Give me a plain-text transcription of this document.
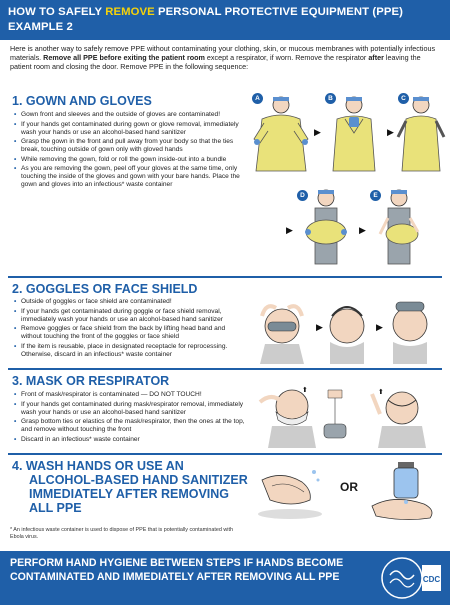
HOW TO SAFELY REMOVE PERSONAL PROTECTIVE EQUIPMENT (PPE)
EXAMPLE 2
Here is another way to safely remove PPE without contaminating your clothing, skin, or mucous membranes with potentially infectious materials. Remove all PPE before exiting the patient room except a respirator, if worn. Remove the respirator after leaving the patient room and closing the door. Remove PPE in the following sequence:
1. GOWN AND GLOVES
• Gown front and sleeves and the outside of gloves are contaminated!
• If your hands get contaminated during gown or glove removal, immediately wash your hands or use an alcohol-based hand sanitizer
• Grasp the gown in the front and pull away from your body so that the ties break, touching outside of gown only with gloved hands
• While removing the gown, fold or roll the gown inside-out into a bundle
• As you are removing the gown, peel off your gloves at the same time, only touching the inside of the gloves and gown with your bare hands. Place the gown and gloves into an infectious* waste container
A
▶
B
▶
C
D
▶	▶
E
2. GOGGLES OR FACE SHIELD
• Outside of goggles or face shield are contaminated!
• If your hands get contaminated during goggle or face shield removal, immediately wash your hands or use an alcohol-based hand sanitizer
• Remove goggles or face shield from the back by lifting head band and without touching the front of the goggles or face shield
• If the item is reusable, place in designated receptacle for reprocessing. Otherwise, discard in an infectious* waste container
▶	▶
3. MASK OR RESPIRATOR
• Front of mask/respirator is contaminated — DO NOT TOUCH!
• If your hands get contaminated during mask/respirator removal, immediately wash your hands or use an alcohol-based hand sanitizer
• Grasp bottom ties or elastics of the mask/respirator, then the ones at the top, and remove without touching the front
• Discard in an infectious* waste container
⬆	⬆
4. WASH HANDS OR USE AN
ALCOHOL-BASED HAND SANITIZER
IMMEDIATELY AFTER REMOVING
ALL PPE
OR
* An infectious waste container is used to dispose of PPE that is potentially contaminated with Ebola virus.
PERFORM HAND HYGIENE BETWEEN STEPS IF HANDS BECOME CONTAMINATED AND IMMEDIATELY AFTER REMOVING ALL PPE	CDC
